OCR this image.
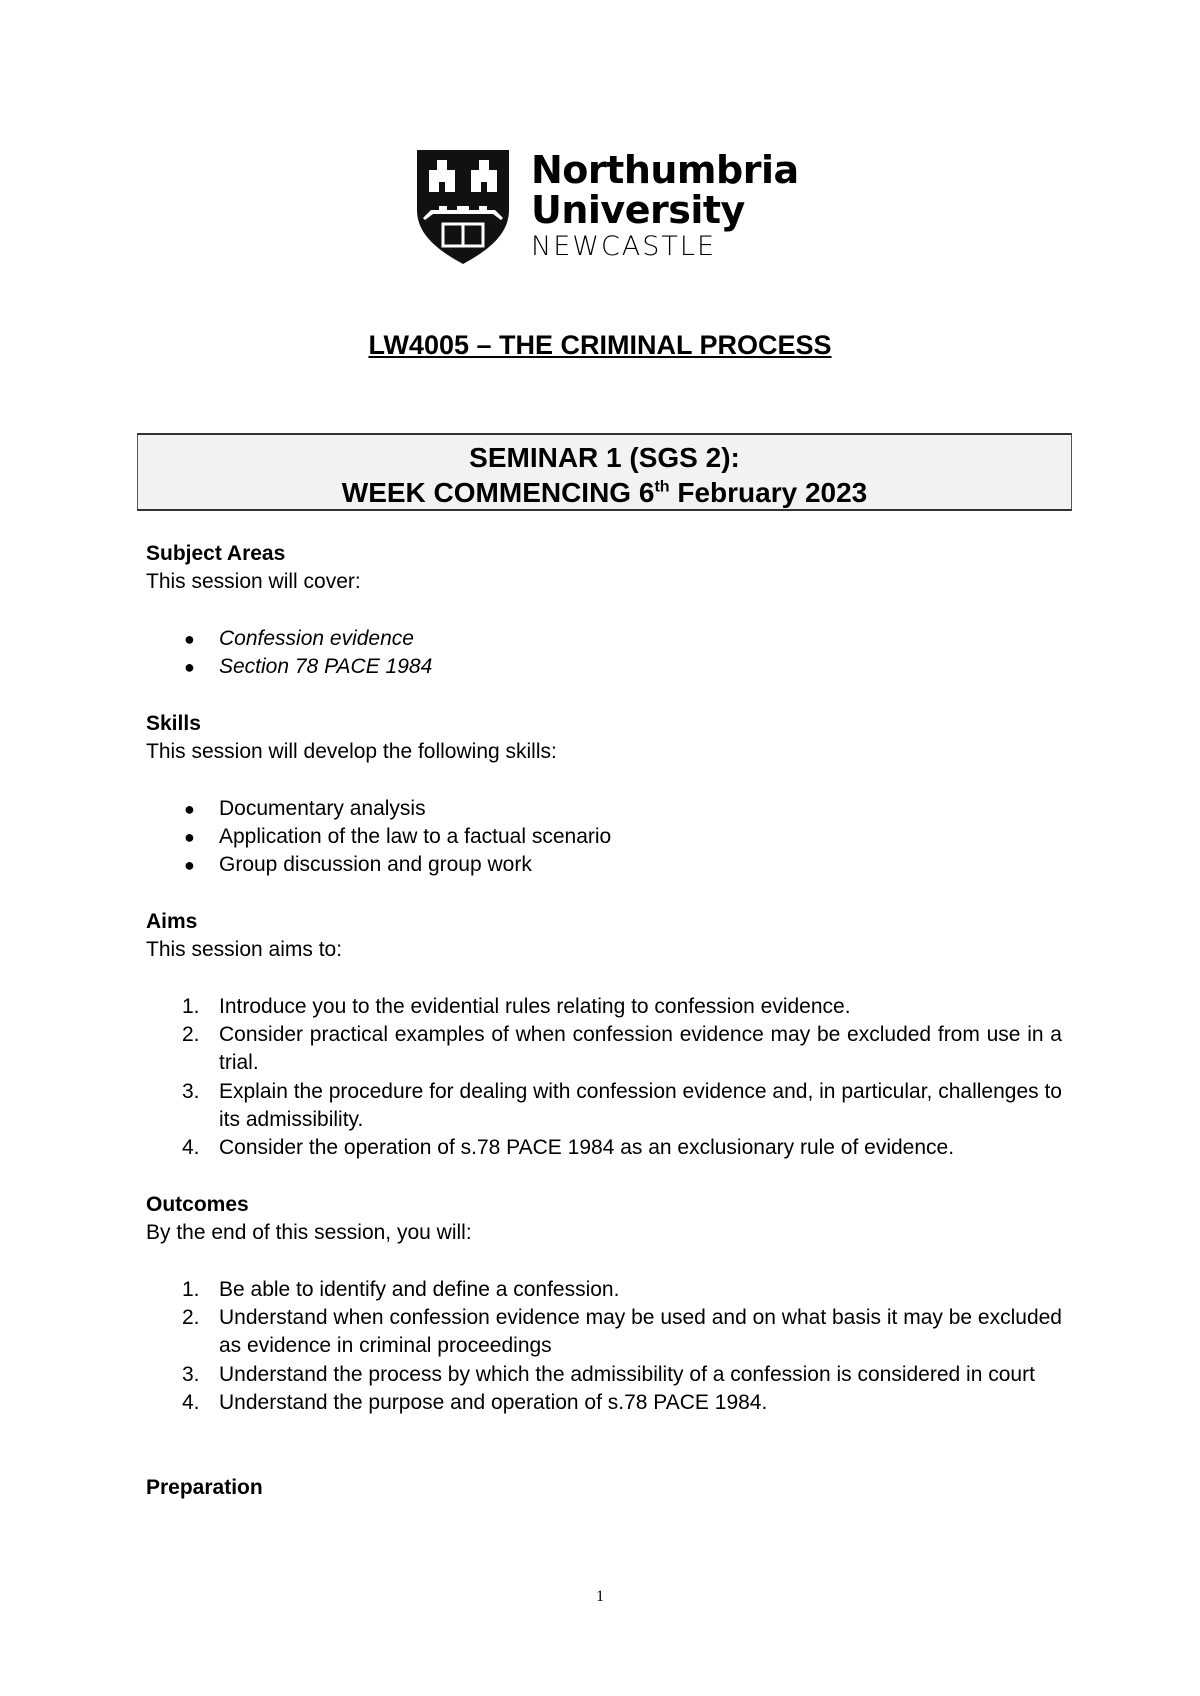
Northumbria
University
NEWCASTLE
LW4005 – THE CRIMINAL PROCESS
SEMINAR 1 (SGS 2):
WEEK COMMENCING 6th February 2023

Subject Areas

This session will cover:

● Confession evidence
● Section 78 PACE 1984

Skills

This session will develop the following skills:

● Documentary analysis
● Application of the law to a factual scenario
● Group discussion and group work

Aims

This session aims to:

1. Introduce you to the evidential rules relating to confession evidence.
2. Consider practical examples of when confession evidence may be excluded from use in a trial.
3. Explain the procedure for dealing with confession evidence and, in particular, challenges to its admissibility.
4. Consider the operation of s.78 PACE 1984 as an exclusionary rule of evidence.

Outcomes

By the end of this session, you will:

1. Be able to identify and define a confession.
2. Understand when confession evidence may be used and on what basis it may be excluded as evidence in criminal proceedings
3. Understand the process by which the admissibility of a confession is considered in court
4. Understand the purpose and operation of s.78 PACE 1984.

Preparation

1
